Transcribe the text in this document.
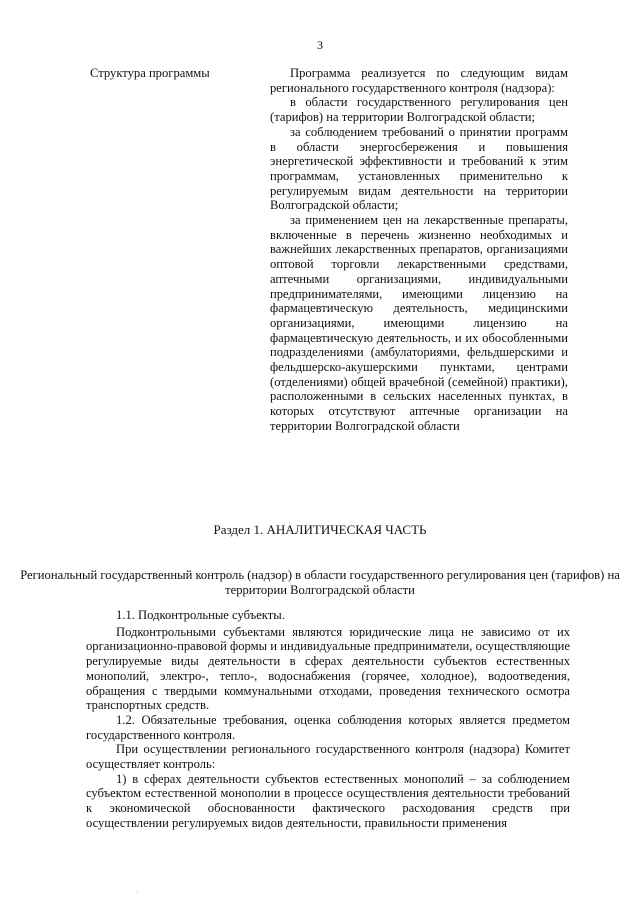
3
Структура программы	Программа реализуется по следующим видам регионального государственного контроля (надзора):

в области государственного регулирования цен (тарифов) на территории Волгоградской области;

за соблюдением требований о принятии программ в области энергосбережения и повышения энергетической эффективности и требований к этим программам, установленных применительно к регулируемым видам деятельности на территории Волгоградской области;

за применением цен на лекарственные препараты, включенные в перечень жизненно необходимых и важнейших лекарственных препаратов, организациями оптовой торговли лекарственными средствами, аптечными организациями, индивидуальными предпринимателями, имеющими лицензию на фармацевтическую деятельность, медицинскими организациями, имеющими лицензию на фармацевтическую деятельность, и их обособленными подразделениями (амбулаториями, фельдшерскими и фельдшерско-акушерскими пунктами, центрами (отделениями) общей врачебной (семейной) практики), расположенными в сельских населенных пунктах, в которых отсутствуют аптечные организации на территории Волгоградской области

Раздел 1. АНАЛИТИЧЕСКАЯ ЧАСТЬ
Региональный государственный контроль (надзор) в области государственного регулирования цен (тарифов) на территории Волгоградской области

1.1. Подконтрольные субъекты.

Подконтрольными субъектами являются юридические лица не зависимо от их организационно-правовой формы и индивидуальные предприниматели, осуществляющие регулируемые виды деятельности в сферах деятельности субъектов естественных монополий, электро-, тепло-, водоснабжения (горячее, холодное), водоотведения, обращения с твердыми коммунальными отходами, проведения технического осмотра транспортных средств.

1.2. Обязательные требования, оценка соблюдения которых является предметом государственного контроля.

При осуществлении регионального государственного контроля (надзора) Комитет осуществляет контроль:

1) в сферах деятельности субъектов естественных монополий – за соблюдением субъектом естественной монополии в процессе осуществления деятельности требований к экономической обоснованности фактического расходования средств при осуществлении регулируемых видов деятельности, правильности применения

·
